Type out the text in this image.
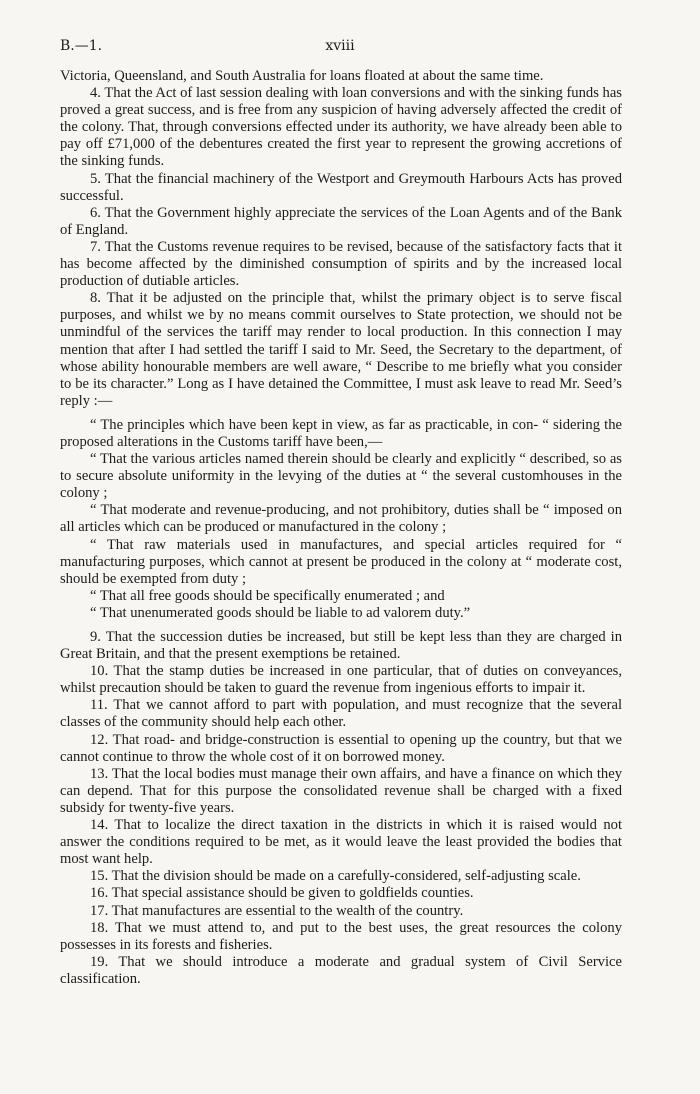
B.—1.	xviii

Victoria, Queensland, and South Australia for loans floated at about the same time.

4. That the Act of last session dealing with loan conversions and with the sinking funds has proved a great success, and is free from any suspicion of having adversely affected the credit of the colony. That, through conversions effected under its authority, we have already been able to pay off £71,000 of the debentures created the first year to represent the growing accretions of the sinking funds.

5. That the financial machinery of the Westport and Greymouth Harbours Acts has proved successful.

6. That the Government highly appreciate the services of the Loan Agents and of the Bank of England.

7. That the Customs revenue requires to be revised, because of the satisfactory facts that it has become affected by the diminished consumption of spirits and by the increased local production of dutiable articles.

8. That it be adjusted on the principle that, whilst the primary object is to serve fiscal purposes, and whilst we by no means commit ourselves to State protection, we should not be unmindful of the services the tariff may render to local production. In this connection I may mention that after I had settled the tariff I said to Mr. Seed, the Secretary to the department, of whose ability honourable members are well aware, “ Describe to me briefly what you consider to be its character.” Long as I have detained the Committee, I must ask leave to read Mr. Seed’s reply :—

“ The principles which have been kept in view, as far as practicable, in con- “ sidering the proposed alterations in the Customs tariff have been,—

“ That the various articles named therein should be clearly and explicitly “ described, so as to secure absolute uniformity in the levying of the duties at “ the several customhouses in the colony ;

“ That moderate and revenue-producing, and not prohibitory, duties shall be “ imposed on all articles which can be produced or manufactured in the colony ;

“ That raw materials used in manufactures, and special articles required for “ manufacturing purposes, which cannot at present be produced in the colony at “ moderate cost, should be exempted from duty ;

“ That all free goods should be specifically enumerated ; and

“ That unenumerated goods should be liable to ad valorem duty.”

9. That the succession duties be increased, but still be kept less than they are charged in Great Britain, and that the present exemptions be retained.

10. That the stamp duties be increased in one particular, that of duties on conveyances, whilst precaution should be taken to guard the revenue from ingenious efforts to impair it.

11. That we cannot afford to part with population, and must recognize that the several classes of the community should help each other.

12. That road- and bridge-construction is essential to opening up the country, but that we cannot continue to throw the whole cost of it on borrowed money.

13. That the local bodies must manage their own affairs, and have a finance on which they can depend. That for this purpose the consolidated revenue shall be charged with a fixed subsidy for twenty-five years.

14. That to localize the direct taxation in the districts in which it is raised would not answer the conditions required to be met, as it would leave the least provided the bodies that most want help.

15. That the division should be made on a carefully-considered, self-adjusting scale.

16. That special assistance should be given to goldfields counties.

17. That manufactures are essential to the wealth of the country.

18. That we must attend to, and put to the best uses, the great resources the colony possesses in its forests and fisheries.

19. That we should introduce a moderate and gradual system of Civil Service classification.
